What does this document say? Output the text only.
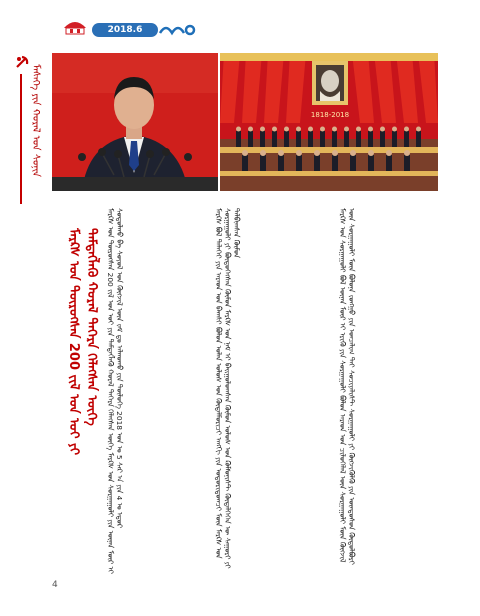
2018.6
ᠮᠡᠰᠡᠭᠡ ᠶᠢᠨ ᠬᠤᠷᠠᠯ ᠤᠨ ᠰᠣᠨᠢᠨ	1818-2018
ᠮᠠᠷᠺᠰ ᠤᠨ ᠲᠥᠷᠥᠭᠰᠡᠨ 200 ᠵᠢᠯ ᠤᠨ ᠣᠢ ᠶᠢ ᠲᠡᠮᠳᠡᠭᠯᠡᠬᠦ ᠬᠤᠷᠠᠯ ᠳᠡᠭᠡᠷᠡ ᠬᠡᠯᠡᠭᠰᠡᠨ ᠦᠭᠡ ᠮᠠᠷᠺᠰ ᠤᠨ ᠲᠥᠷᠥᠭᠰᠡᠨ 200 ᠵᠢᠯ ᠤᠨ ᠣᠢ ᠶᠢᠨ ᠲᠡᠮᠳᠡᠭᠯᠡᠬᠦ ᠬᠤᠷᠠᠯ ᠳᠡᠭᠡᠷᠡ ᠬᠡᠯᠡᠭᠰᠡᠨ ᠦᠭᠡ ᠮᠠᠷᠺᠰ ᠤᠨ ᠰᠤᠷᠭᠠᠭᠤᠯᠢ ᠶᠢᠨ ᠦᠨᠡᠨ ᠮᠥᠷ ᠢ ᠰᠤᠳᠤᠯᠬᠤ ᠪᠠ ᠰᠣᠶᠣᠯ ᠤᠨ ᠬᠥᠭᠵᠢᠯ ᠦᠨ ᠵᠠᠮ ᠳᠤ ᠠᠯᠬᠤᠬᠤ ᠶᠢᠨ ᠲᠥᠯᠥᠭᠡ 2018 ᠣᠨ ᠤ 5 ᠰᠠᠷ ᠠ ᠶᠢᠨ 4 ᠤ ᠡᠳᠦᠷ	ᠮᠠᠷᠺᠰ ᠪᠣᠯ ᠳᠡᠯᠡᠬᠡᠢ ᠶᠢᠨ ᠠᠷᠠᠳ ᠤᠨ ᠪᠠᠭᠰᠢ ᠪᠣᠯᠤᠨ ᠣᠯᠠᠨ ᠤᠯᠤᠰ ᠤᠨ ᠬᠥᠳᠡᠯᠮᠦᠷᠢᠴᠢ ᠠᠩᠭᠢ ᠶᠢᠨ ᠤᠳᠤᠷᠢᠳᠤᠭᠴᠢ ᠮᠥᠨ ᠮᠠᠷᠺᠰ ᠤᠨ ᠰᠤᠷᠭᠠᠭᠤᠯᠢ ᠶᠢ ᠪᠦᠲᠦᠭᠡᠭᠰᠡᠨ ᠬᠦᠮᠦᠨ ᠮᠠᠷᠺᠰ ᠤᠨ ᠨᠠᠮ ᠢ ᠪᠠᠢᠭᠤᠯᠤᠭᠰᠠᠨ ᠬᠦᠮᠦᠨ ᠤᠯᠤᠰ ᠤᠨ ᠺᠣᠮᠮᠤᠨᠢᠰᠲ ᠬᠥᠳᠡᠯᠭᠡᠭᠡᠨ ᠦ ᠰᠠᠭᠤᠷᠢ ᠶᠢ ᠲᠠᠯᠪᠢᠭᠰᠠᠨ ᠬᠦᠮᠦᠨ	ᠮᠠᠷᠺᠰ ᠤᠨ ᠰᠤᠷᠭᠠᠭᠤᠯᠢ ᠪᠣᠯ ᠦᠨᠡᠨ ᠮᠥᠷ ᠢ ᠡᠷᠢᠬᠦ ᠶᠢᠨ ᠰᠤᠷᠭᠠᠭᠤᠯᠢ ᠪᠣᠯᠤᠨ ᠠᠷᠠᠳ ᠤᠨ ᠴᠢᠯᠦᠭᠡᠯᠡᠯ ᠦᠨ ᠰᠤᠷᠭᠠᠭᠤᠯᠢ ᠮᠥᠨ ᠬᠥᠭᠵᠢᠯ ᠦᠨ ᠰᠤᠷᠭᠠᠭᠤᠯᠢ ᠮᠥᠨ ᠪᠣᠯᠤᠨᠠ ᠵᠣᠩᠭᠣ ᠶᠢᠨ ᠣᠨᠴᠠᠯᠢᠭ ᠲᠠᠢ ᠰᠣᠴᠢᠶᠠᠯᠢᠰᠲ ᠰᠤᠷᠭᠠᠭᠤᠯᠢ ᠶᠢ ᠬᠥᠭᠵᠢᠭᠦᠯᠬᠦ ᠶᠢᠨ ᠦᠨᠳᠦᠰᠦᠨ ᠬᠥᠲᠦᠯᠪᠦᠷᠢ
4
